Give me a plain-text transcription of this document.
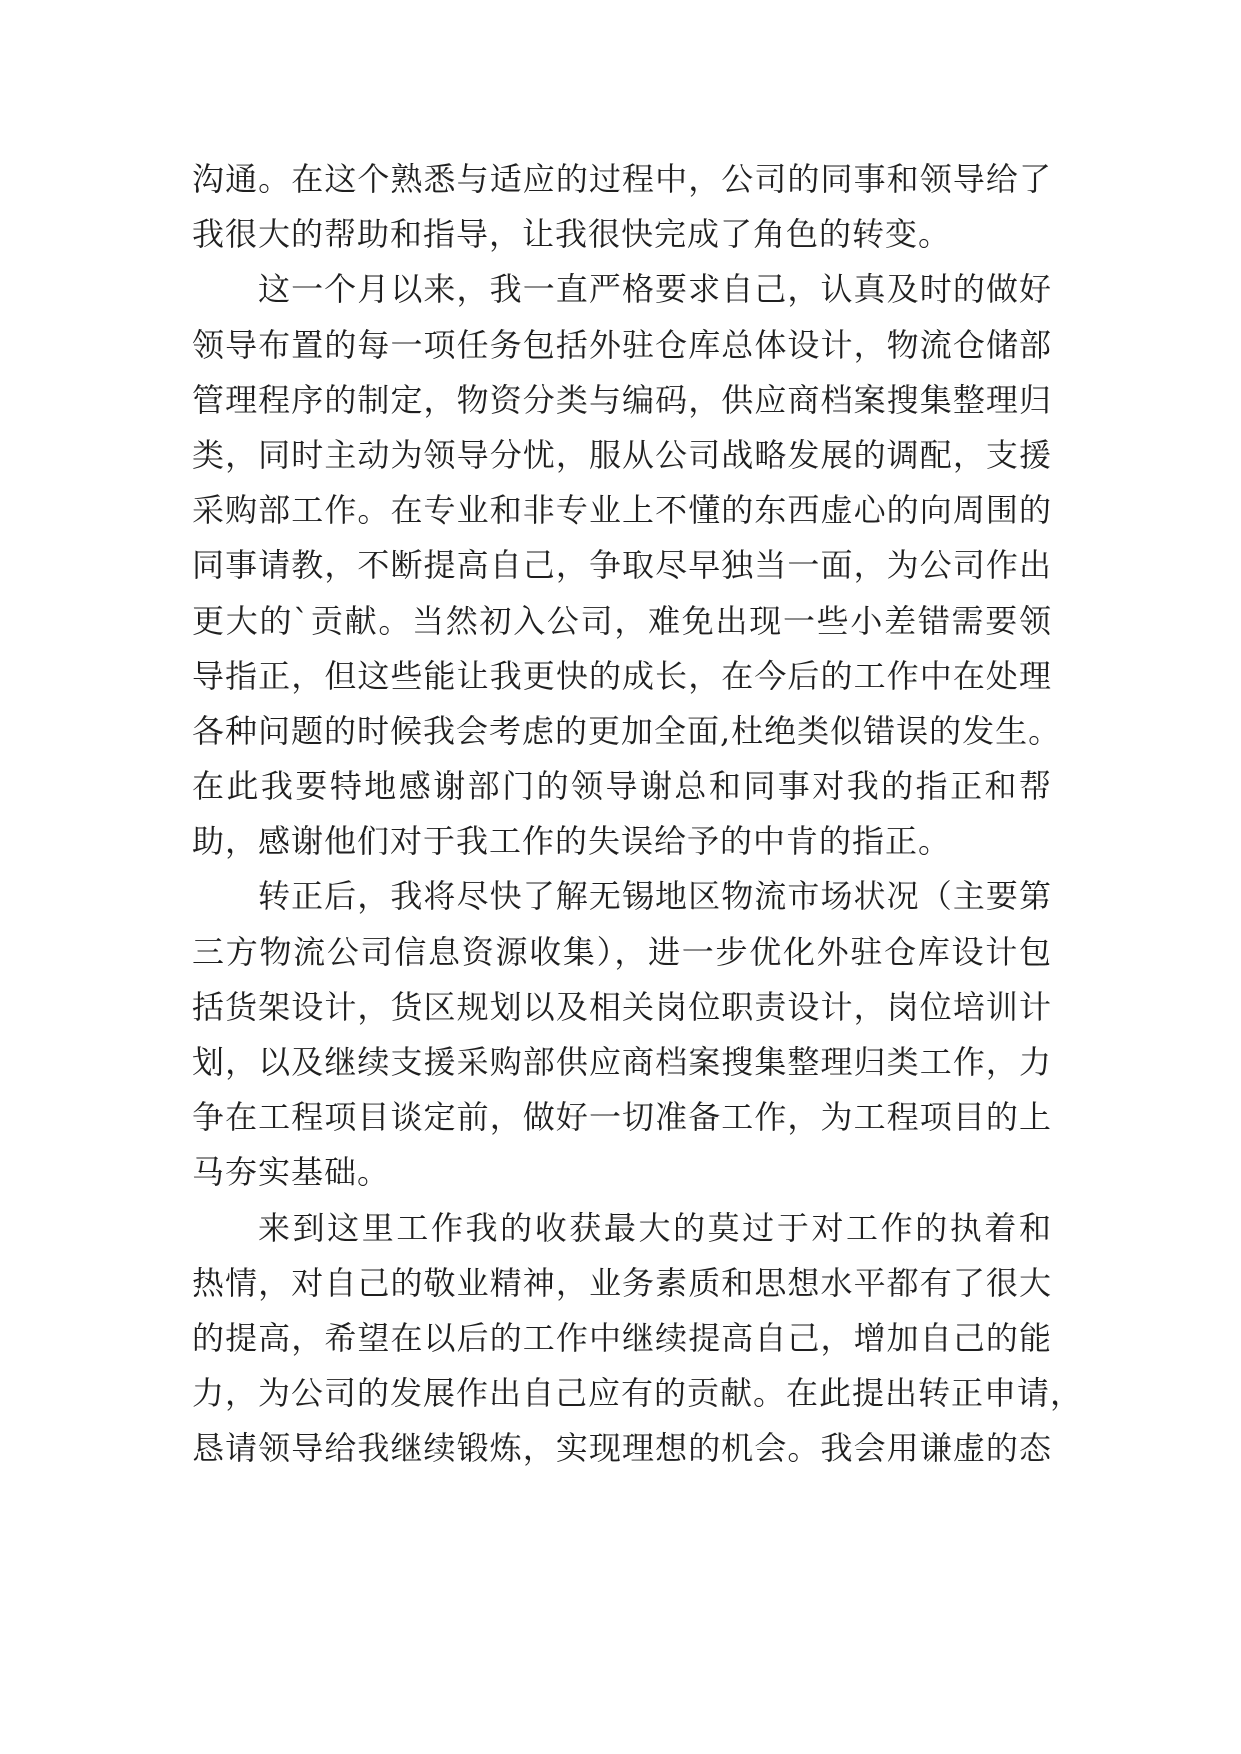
沟通。在这个熟悉与适应的过程中，公司的同事和领导给了
我很大的帮助和指导，让我很快完成了角色的转变。
这一个月以来，我一直严格要求自己，认真及时的做好
领导布置的每一项任务包括外驻仓库总体设计，物流仓储部
管理程序的制定，物资分类与编码，供应商档案搜集整理归
类，同时主动为领导分忧，服从公司战略发展的调配，支援
采购部工作。在专业和非专业上不懂的东西虚心的向周围的
同事请教，不断提高自己，争取尽早独当一面，为公司作出
更大的`贡献。当然初入公司，难免出现一些小差错需要领
导指正，但这些能让我更快的成长，在今后的工作中在处理
各种问题的时候我会考虑的更加全面,杜绝类似错误的发生。
在此我要特地感谢部门的领导谢总和同事对我的指正和帮
助，感谢他们对于我工作的失误给予的中肯的指正。
转正后，我将尽快了解无锡地区物流市场状况（主要第
三方物流公司信息资源收集），进一步优化外驻仓库设计包
括货架设计，货区规划以及相关岗位职责设计，岗位培训计
划，以及继续支援采购部供应商档案搜集整理归类工作，力
争在工程项目谈定前，做好一切准备工作，为工程项目的上
马夯实基础。
来到这里工作我的收获最大的莫过于对工作的执着和
热情，对自己的敬业精神，业务素质和思想水平都有了很大
的提高，希望在以后的工作中继续提高自己，增加自己的能
力，为公司的发展作出自己应有的贡献。在此提出转正申请，
恳请领导给我继续锻炼，实现理想的机会。我会用谦虚的态
